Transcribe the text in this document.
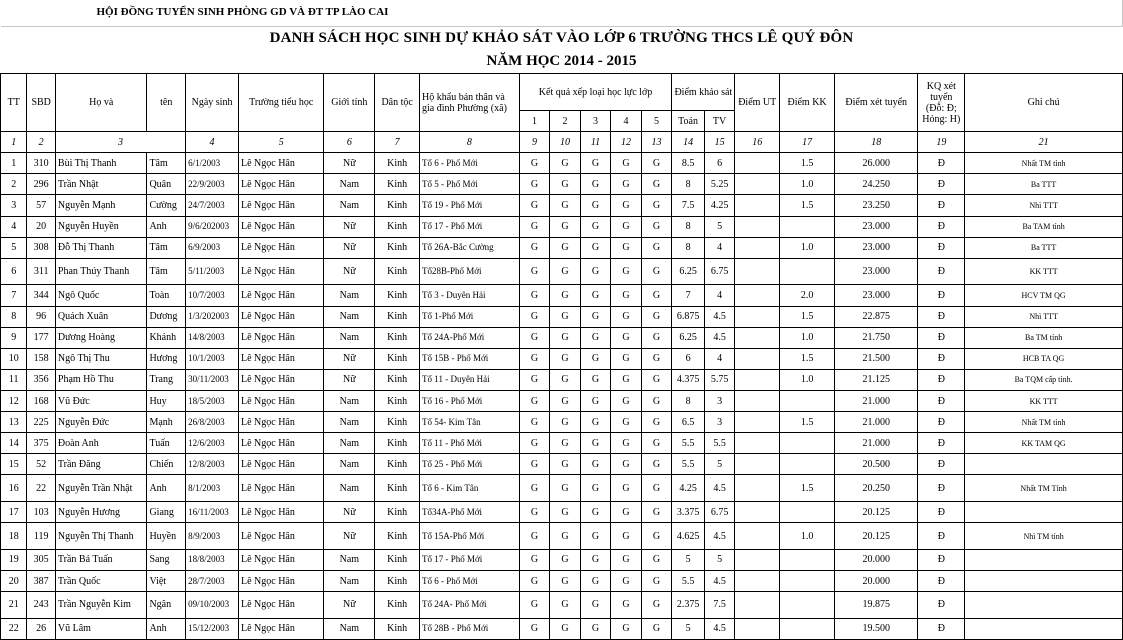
HỘI ĐỒNG TUYỂN SINH PHÒNG GD VÀ ĐT TP LÀO CAI																				
DANH SÁCH HỌC SINH DỰ KHẢO SÁT VÀO LỚP 6 TRƯỜNG THCS LÊ QUÝ ĐÔN																				
NĂM HỌC 2014 - 2015																				
TT	SBD	Họ và	tên	Ngày sinh	Trường tiểu học	Giới tính	Dân tộc	Hộ khẩu bản thân và gia đình Phường (xã)	Kết quả xếp loại học lực lớp					Điểm khảo sát		Điểm UT	Điểm KK	Điểm xét tuyển	KQ xét tuyển (Đỗ: Đ; Hỏng: H)	Ghi chú
									1	2	3	4	5	Toán	TV					
1	2	3		4	5	6	7	8	9	10	11	12	13	14	15	16	17	18	19	21
1	310	Bùi Thị Thanh	Tâm	6/1/2003	Lê Ngọc Hân	Nữ	Kinh	Tổ 6 - Phố Mới	G	G	G	G	G	8.5	6		1.5	26.000	Đ	Nhất TM tỉnh
2	296	Trần Nhật	Quân	22/9/2003	Lê Ngọc Hân	Nam	Kinh	Tổ 5 - Phố Mới	G	G	G	G	G	8	5.25		1.0	24.250	Đ	Ba TTT
3	57	Nguyễn Mạnh	Cường	24/7/2003	Lê Ngọc Hân	Nam	Kinh	Tổ 19 - Phố Mới	G	G	G	G	G	7.5	4.25		1.5	23.250	Đ	Nhì TTT
4	20	Nguyễn Huyền	Anh	9/6/202003	Lê Ngọc Hân	Nữ	Kinh	Tổ 17 - Phố Mới	G	G	G	G	G	8	5			23.000	Đ	Ba TAM tỉnh
5	308	Đỗ Thị Thanh	Tâm	6/9/2003	Lê Ngọc Hân	Nữ	Kinh	Tổ 26A-Bắc Cường	G	G	G	G	G	8	4		1.0	23.000	Đ	Ba TTT
6	311	Phan Thúy Thanh	Tâm	5/11/2003	Lê Ngọc Hân	Nữ	Kinh	Tổ28B-Phố Mới	G	G	G	G	G	6.25	6.75			23.000	Đ	KK TTT
7	344	Ngô Quốc	Toàn	10/7/2003	Lê Ngọc Hân	Nam	Kinh	Tổ 3 - Duyên Hải	G	G	G	G	G	7	4		2.0	23.000	Đ	HCV TM QG
8	96	Quách Xuân	Dương	1/3/202003	Lê Ngọc Hân	Nam	Kinh	Tổ 1-Phố Mới	G	G	G	G	G	6.875	4.5		1.5	22.875	Đ	Nhì TTT
9	177	Dương Hoàng	Khánh	14/8/2003	Lê Ngọc Hân	Nam	Kinh	Tổ 24A-Phố Mới	G	G	G	G	G	6.25	4.5		1.0	21.750	Đ	Ba TM tỉnh
10	158	Ngô Thị Thu	Hương	10/1/2003	Lê Ngọc Hân	Nữ	Kinh	Tổ 15B - Phố Mới	G	G	G	G	G	6	4		1.5	21.500	Đ	HCB TA QG
11	356	Phạm Hồ Thu	Trang	30/11/2003	Lê Ngọc Hân	Nữ	Kinh	Tổ 11 - Duyên Hải	G	G	G	G	G	4.375	5.75		1.0	21.125	Đ	Ba TQM cấp tỉnh.
12	168	Vũ Đức	Huy	18/5/2003	Lê Ngọc Hân	Nam	Kinh	Tổ 16 - Phố Mới	G	G	G	G	G	8	3			21.000	Đ	KK TTT
13	225	Nguyễn Đức	Mạnh	26/8/2003	Lê Ngọc Hân	Nam	Kinh	Tổ 54- Kim Tân	G	G	G	G	G	6.5	3		1.5	21.000	Đ	Nhất TM tỉnh
14	375	Đoàn Anh	Tuấn	12/6/2003	Lê Ngọc Hân	Nam	Kinh	Tổ 11 - Phố Mới	G	G	G	G	G	5.5	5.5			21.000	Đ	KK TAM QG
15	52	Trần Đăng	Chiến	12/8/2003	Lê Ngọc Hân	Nam	Kinh	Tổ 25 - Phố Mới	G	G	G	G	G	5.5	5			20.500	Đ	
16	22	Nguyễn Trần Nhật	Anh	8/1/2003	Lê Ngọc Hân	Nam	Kinh	Tổ 6 - Kim Tân	G	G	G	G	G	4.25	4.5		1.5	20.250	Đ	Nhất TM Tỉnh
17	103	Nguyễn Hương	Giang	16/11/2003	Lê Ngọc Hân	Nữ	Kinh	Tổ34A-Phố Mới	G	G	G	G	G	3.375	6.75			20.125	Đ	
18	119	Nguyễn Thị Thanh	Huyền	8/9/2003	Lê Ngọc Hân	Nữ	Kinh	Tổ 15A-Phố Mới	G	G	G	G	G	4.625	4.5		1.0	20.125	Đ	Nhì TM tỉnh
19	305	Trần Bá Tuấn	Sang	18/8/2003	Lê Ngọc Hân	Nam	Kinh	Tổ 17 - Phố Mới	G	G	G	G	G	5	5			20.000	Đ	
20	387	Trần Quốc	Việt	28/7/2003	Lê Ngọc Hân	Nam	Kinh	Tổ 6 - Phố Mới	G	G	G	G	G	5.5	4.5			20.000	Đ	
21	243	Trần Nguyễn Kim	Ngân	09/10/2003	Lê Ngọc Hân	Nữ	Kinh	Tổ 24A- Phố Mới	G	G	G	G	G	2.375	7.5			19.875	Đ	
22	26	Vũ Lâm	Anh	15/12/2003	Lê Ngọc Hân	Nam	Kinh	Tổ 28B - Phố Mới	G	G	G	G	G	5	4.5			19.500	Đ	
